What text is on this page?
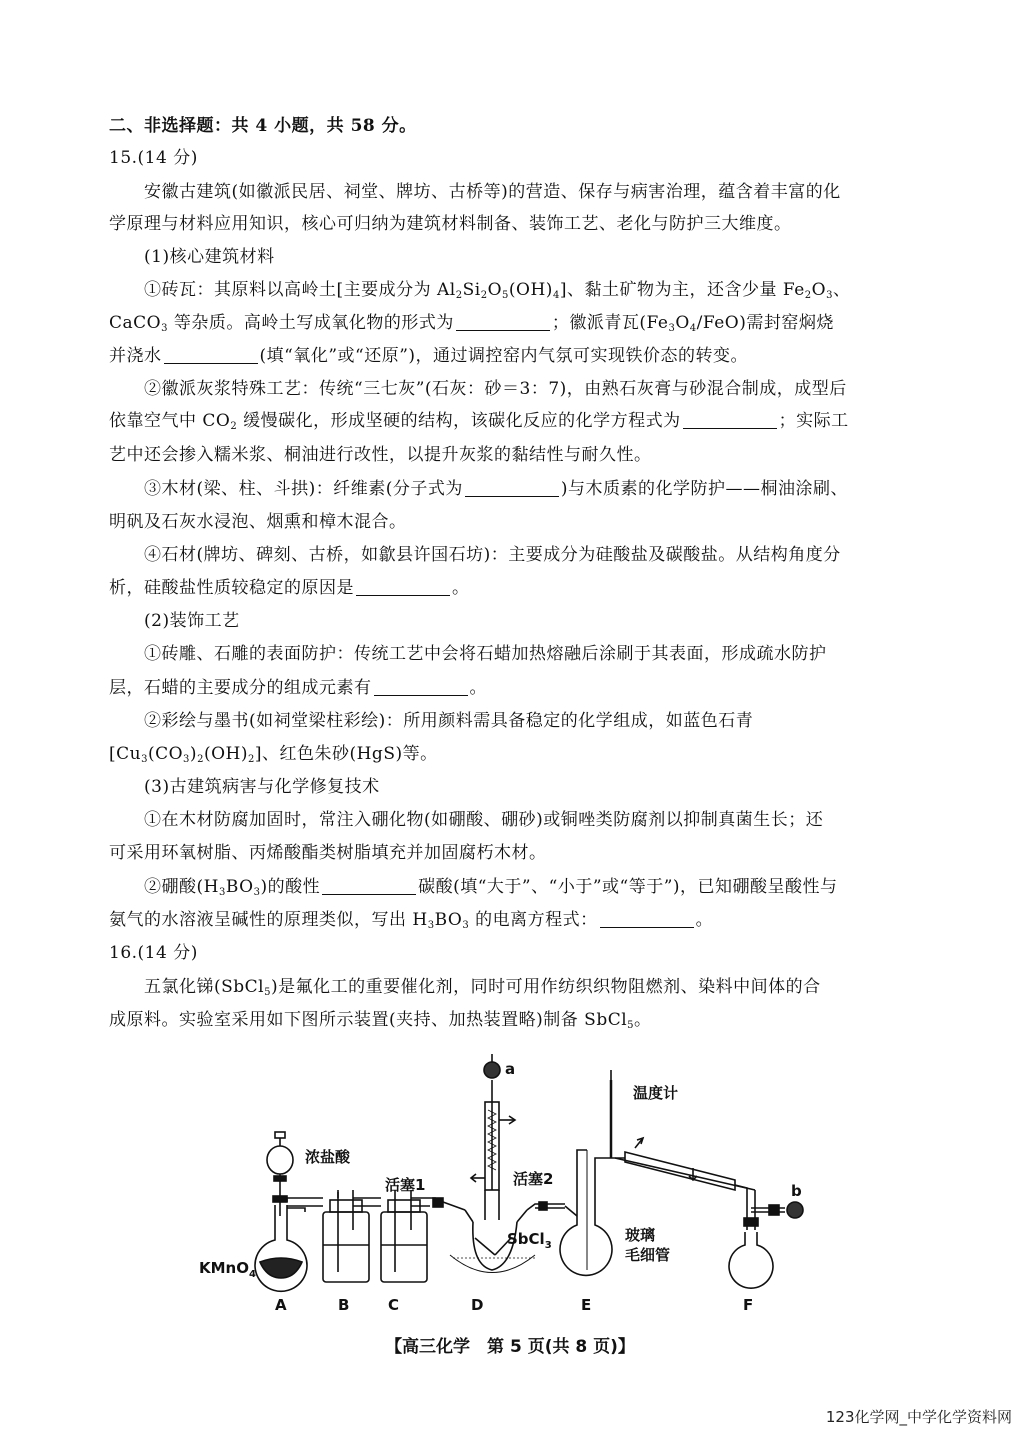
二、非选择题：共 4 小题，共 58 分。
15.(14 分)
安徽古建筑(如徽派民居、祠堂、牌坊、古桥等)的营造、保存与病害治理，蕴含着丰富的化
学原理与材料应用知识，核心可归纳为建筑材料制备、装饰工艺、老化与防护三大维度。
(1)核心建筑材料
①砖瓦：其原料以高岭土[主要成分为 $Al_2Si_2O_5(OH)_4$]、黏土矿物为主，还含少量 $Fe_2O_3$、
CaCO$_3$ 等杂质。高岭土写成氧化物的形式为	；徽派青瓦$(Fe_3O_4/FeO)$需封窑焖烧
并浇水	(填“氧化”或“还原”)，通过调控窑内气氛可实现铁价态的转变。
②徽派灰浆特殊工艺：传统“三七灰”(石灰：砂＝3：7)，由熟石灰膏与砂混合制成，成型后
依靠空气中 $CO_2$ 缓慢碳化，形成坚硬的结构，该碳化反应的化学方程式为	；实际工
艺中还会掺入糯米浆、桐油进行改性，以提升灰浆的黏结性与耐久性。
③木材(梁、柱、斗拱)：纤维素(分子式为	)与木质素的化学防护——桐油涂刷、
明矾及石灰水浸泡、烟熏和樟木混合。
④石材(牌坊、碑刻、古桥，如歙县许国石坊)：主要成分为硅酸盐及碳酸盐。从结构角度分
析，硅酸盐性质较稳定的原因是	。
(2)装饰工艺
①砖雕、石雕的表面防护：传统工艺中会将石蜡加热熔融后涂刷于其表面，形成疏水防护
层，石蜡的主要成分的组成元素有	。
②彩绘与墨书(如祠堂梁柱彩绘)：所用颜料需具备稳定的化学组成，如蓝色石青
$[Cu_3(CO_3)_2(OH)_2]$、红色朱砂(HgS)等。
(3)古建筑病害与化学修复技术
①在木材防腐加固时，常注入硼化物(如硼酸、硼砂)或铜唑类防腐剂以抑制真菌生长；还
可采用环氧树脂、丙烯酸酯类树脂填充并加固腐朽木材。
②硼酸$(H_3BO_3)$的酸性	碳酸(填“大于”、“小于”或“等于”)，已知硼酸呈酸性与
氨气的水溶液呈碱性的原理类似，写出 $H_3BO_3$ 的电离方程式：	。
16.(14 分)
五氯化锑(SbCl$_5$)是氟化工的重要催化剂，同时可用作纺织织物阻燃剂、染料中间体的合
成原料。实验室采用如下图所示装置(夹持、加热装置略)制备 SbCl$_5$。
浓盐酸
KMnO$_4$
活塞1	活塞2
a
b
温度计
SbCl$_3$
玻璃
毛细管
A	B	C	D	E	F
【高三化学　第 5 页(共 8 页)】
123化学网_中学化学资料网
